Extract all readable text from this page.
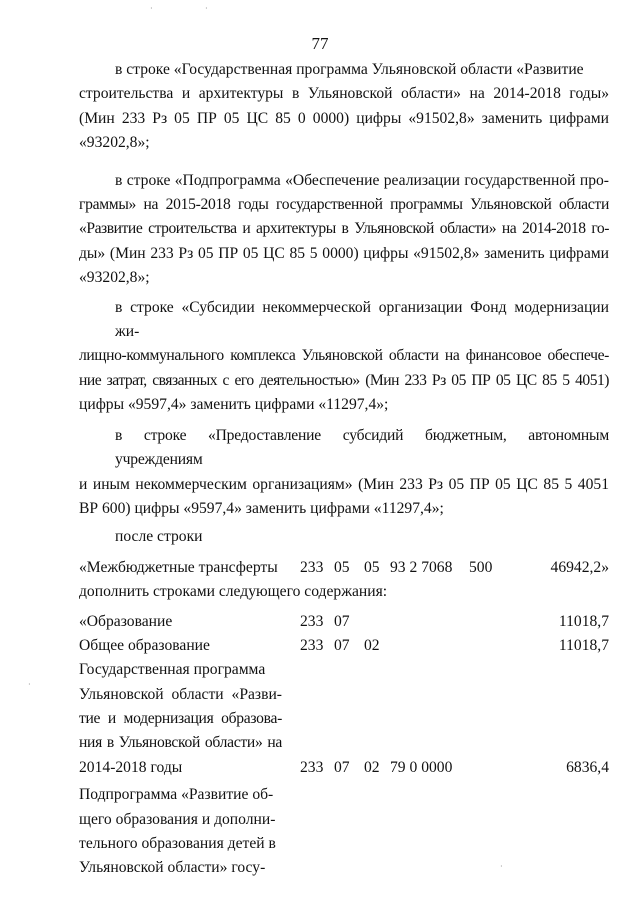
77
в строке «Государственная программа Ульяновской области «Развитие
строительства и архитектуры в Ульяновской области» на 2014-2018 годы»
(Мин 233 Рз 05 ПР 05 ЦС 85 0 0000) цифры «91502,8» заменить цифрами
«93202,8»;
в строке «Подпрограмма «Обеспечение реализации государственной про-
граммы» на 2015-2018 годы государственной программы Ульяновской области
«Развитие строительства и архитектуры в Ульяновской области» на 2014-2018 го-
ды» (Мин 233 Рз 05 ПР 05 ЦС 85 5 0000) цифры «91502,8» заменить цифрами
«93202,8»;
в строке «Субсидии некоммерческой организации Фонд модернизации жи-
лищно-коммунального комплекса Ульяновской области на финансовое обеспече-
ние затрат, связанных с его деятельностью» (Мин 233 Рз 05 ПР 05 ЦС 85 5 4051)
цифры «9597,4» заменить цифрами «11297,4»;
в строке «Предоставление субсидий бюджетным, автономным учреждениям
и иным некоммерческим организациям» (Мин 233 Рз 05 ПР 05 ЦС 85 5 4051
ВР 600) цифры «9597,4» заменить цифрами «11297,4»;
после строки
«Межбюджетные трансферты 233 05 05 93 2 7068 500	46942,2»
дополнить строками следующего содержания:
«Образование	233 07	11018,7
Общее образование	233 07 02	11018,7
Государственная программа
Ульяновской области «Разви-
тие и модернизация образова-
ния в Ульяновской области» на
2014-2018 годы	233 07 02 79 0 0000	6836,4
Подпрограмма «Развитие об-
щего образования и дополни-
тельного образования детей в
Ульяновской области» госу-
·	·
·
·
